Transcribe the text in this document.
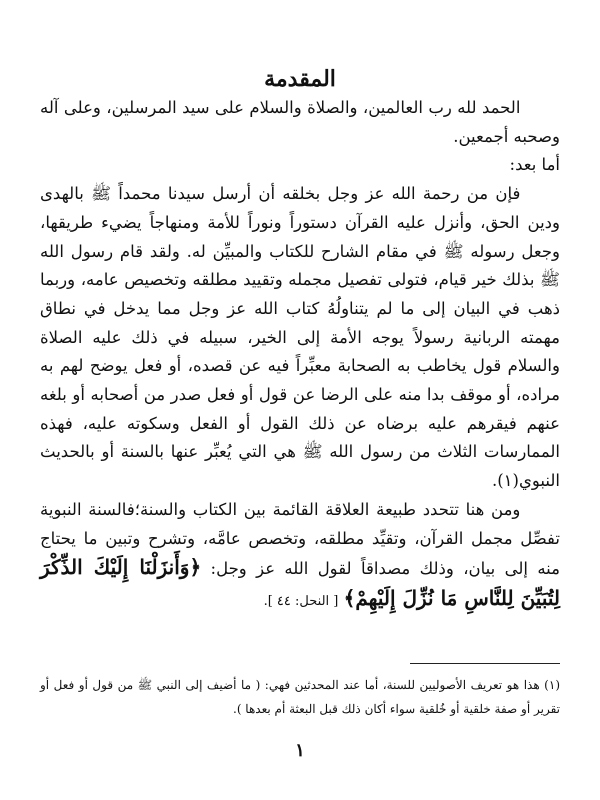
المقدمة

الحمد لله رب العالمين، والصلاة والسلام على سيد المرسلين، وعلى آله وصحبه أجمعين.

أما بعد:

فإن من رحمة الله عز وجل بخلقه أن أرسل سيدنا محمداً ﷺ بالهدى ودين الحق، وأنزل عليه القرآن دستوراً ونوراً للأمة ومنهاجاً يضيء طريقها، وجعل رسوله ﷺ في مقام الشارح للكتاب والمبيِّن له. ولقد قام رسول الله ﷺ بذلك خير قيام، فتولى تفصيل مجمله وتقييد مطلقه وتخصيص عامه، وربما ذهب في البيان إلى ما لم يتناولُهُ كتاب الله عز وجل مما يدخل في نطاق مهمته الربانية رسولاً يوجه الأمة إلى الخير، سبيله في ذلك عليه الصلاة والسلام قول يخاطب به الصحابة معبِّراً فيه عن قصده، أو فعل يوضح لهم به مراده، أو موقف بدا منه على الرضا عن قول أو فعل صدر من أصحابه أو بلغه عنهم فيقرهم عليه برضاه عن ذلك القول أو الفعل وسكوته عليه، فهذه الممارسات الثلاث من رسول الله ﷺ هي التي يُعبِّر عنها بالسنة أو بالحديث النبوي(١).

ومن هنا تتحدد طبيعة العلاقة القائمة بين الكتاب والسنة؛فالسنة النبوية تفصِّل مجمل القرآن، وتقيِّد مطلقه، وتخصص عامَّه، وتشرح وتبين ما يحتاج منه إلى بيان، وذلك مصداقاً لقول الله عز وجل: ﴿وَأَنزَلْنَا إِلَيْكَ الذِّكْرَ لِتُبَيِّنَ لِلنَّاسِ مَا نُزِّلَ إِلَيْهِمْ﴾ [ النحل: ٤٤ ].

(١) هذا هو تعريف الأصوليين للسنة، أما عند المحدثين فهي: ( ما أضيف إلى النبي ﷺ من قول أو فعل أو تقرير أو صفة خلقية أو خُلقية سواء أكان ذلك قبل البعثة أم بعدها ).

١
